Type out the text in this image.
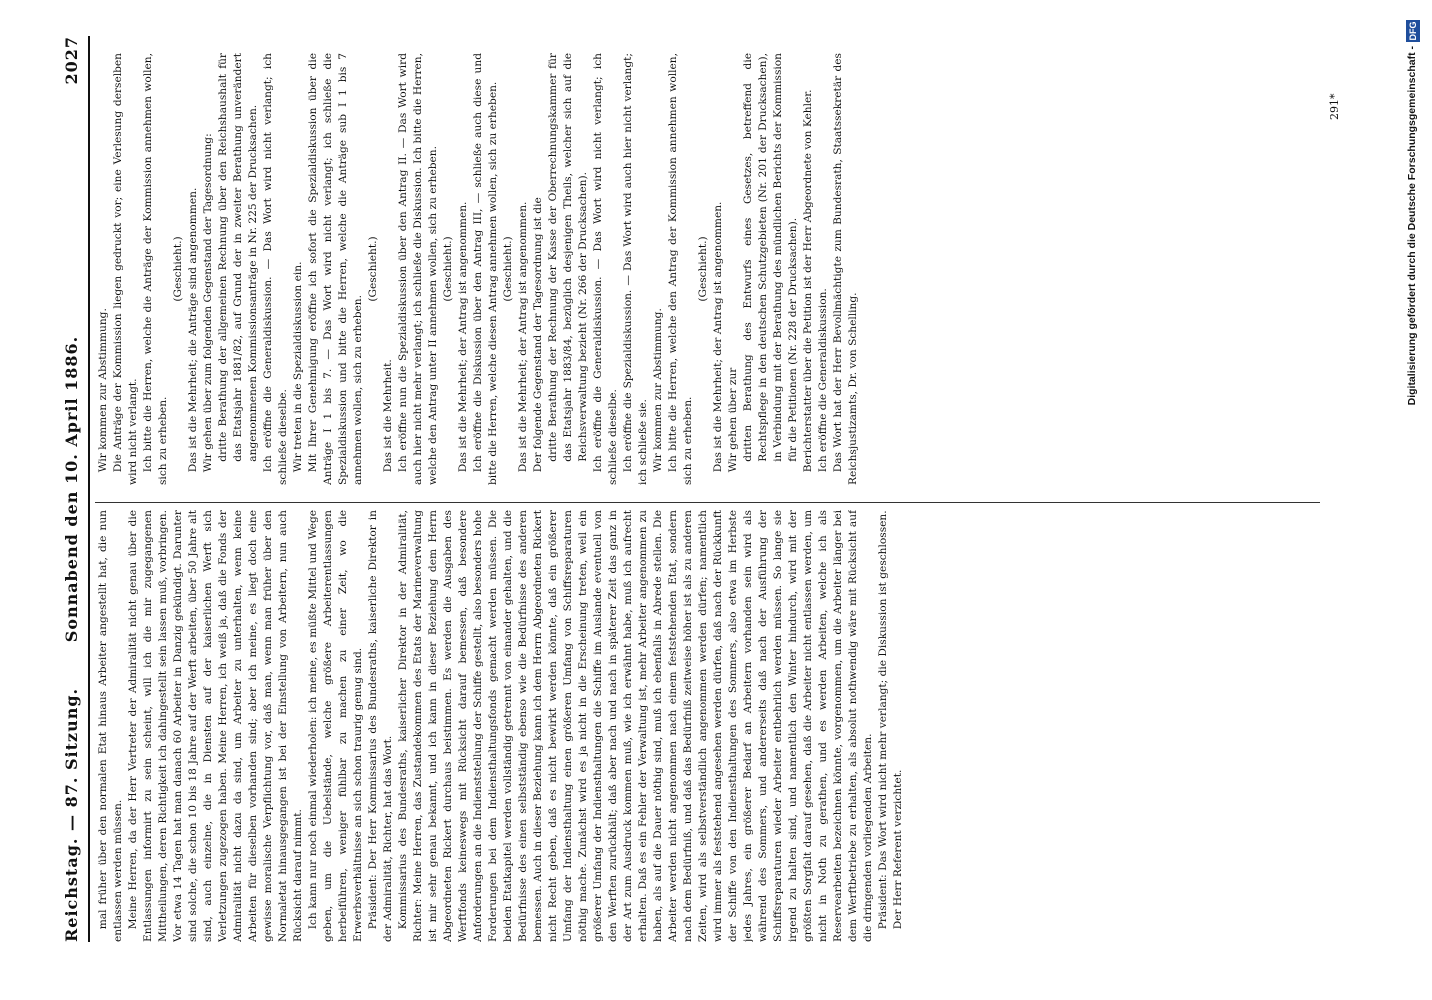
Reichstag. — 87. Sitzung.
Sonnabend den 10. April 1886.
2027

mal früher über den normalen Etat hinaus Arbeiter angestellt hat, die nun entlassen werden müssen. Meine Herren, da der Herr Vertreter der Admiralität nicht genau über die Entlassungen informirt zu sein scheint, will ich die mir zugegangenen Mittheilungen, deren Richtigkeit ich dahingestellt sein lassen muß, vorbringen. Vor etwa 14 Tagen hat man danach 60 Arbeiter in Danzig gekündigt. Darunter sind solche, die schon 10 bis 18 Jahre auf der Werft arbeiten, über 50 Jahre alt sind, auch einzelne, die in Diensten auf der kaiserlichen Werft sich Verletzungen zugezogen haben. Meine Herren, ich weiß ja, daß die Fonds der Admiralität nicht dazu da sind, um Arbeiter zu unterhalten, wenn keine Arbeiten für dieselben vorhanden sind; aber ich meine, es liegt doch eine gewisse moralische Verpflichtung vor, daß man, wenn man früher über den Normaletat hinausgegangen ist bei der Einstellung von Arbeitern, nun auch Rücksicht darauf nimmt. Ich kann nur noch einmal wiederholen: ich meine, es müßte Mittel und Wege geben, um die Uebelstände, welche größere Arbeiterentlassungen herbeiführen, weniger fühlbar zu machen zu einer Zeit, wo die Erwerbsverhältnisse an sich schon traurig genug sind. Präsident: Der Herr Kommissarius des Bundesraths, kaiserliche Direktor in der Admiralität, Richter, hat das Wort. Kommissarius des Bundesraths, kaiserlicher Direktor in der Admiralität, Richter: Meine Herren, das Zustandekommen des Etats der Marineverwaltung ist mir sehr genau bekannt, und ich kann in dieser Beziehung dem Herrn Abgeordneten Rickert durchaus beistimmen. Es werden die Ausgaben des Werftfonds keineswegs mit Rücksicht darauf bemessen, daß besondere Anforderungen an die Indienststellung der Schiffe gestellt, also besonders hohe Forderungen bei dem Indiensthaltungsfonds gemacht werden müssen. Die beiden Etatkapitel werden vollständig getrennt von einander gehalten, und die Bedürfnisse des einen selbstständig ebenso wie die Bedürfnisse des anderen bemessen. Auch in dieser Beziehung kann ich dem Herrn Abgeordneten Rickert nicht Recht geben, daß es nicht bewirkt werden könnte, daß ein größerer Umfang der Indiensthaltung einen größeren Umfang von Schiffsreparaturen nöthig mache. Zunächst wird es ja nicht in die Erscheinung treten, weil ein größerer Umfang der Indiensthaltungen die Schiffe im Auslande eventuell von den Werften zurückhält; daß aber nach und nach in späterer Zeit das ganz in der Art zum Ausdruck kommen muß, wie ich erwähnt habe, muß ich aufrecht erhalten. Daß es ein Fehler der Verwaltung ist, mehr Arbeiter angenommen zu haben, als auf die Dauer nöthig sind, muß ich ebenfalls in Abrede stellen. Die Arbeiter werden nicht angenommen nach einem feststehenden Etat, sondern nach dem Bedürfniß, und daß das Bedürfniß zeitweise höher ist als zu anderen Zeiten, wird als selbstverständlich angenommen werden dürfen; namentlich wird immer als feststehend angesehen werden dürfen, daß nach der Rückkunft der Schiffe von den Indiensthaltungen des Sommers, also etwa im Herbste jedes Jahres, ein größerer Bedarf an Arbeitern vorhanden sein wird als während des Sommers, und andererseits daß nach der Ausführung der Schiffsreparaturen wieder Arbeiter entbehrlich werden müssen. So lange sie irgend zu halten sind, und namentlich den Winter hindurch, wird mit der größten Sorgfalt darauf gesehen, daß die Arbeiter nicht entlassen werden, um nicht in Noth zu gerathen, und es werden Arbeiten, welche ich als Reservearbeiten bezeichnen könnte, vorgenommen, um die Arbeiter länger bei dem Werftbetriebe zu erhalten, als absolut nothwendig wäre mit Rücksicht auf die dringenden vorliegenden Arbeiten. Präsident: Das Wort wird nicht mehr verlangt; die Diskussion ist geschlossen. Der Herr Referent verzichtet.

Wir kommen zur Abstimmung. Die Anträge der Kommission liegen gedruckt vor; eine Verlesung derselben wird nicht verlangt. Ich bitte die Herren, welche die Anträge der Kommission annehmen wollen, sich zu erheben.

(Geschieht.) Das ist die Mehrheit; die Anträge sind angenommen. Wir gehen über zum folgenden Gegenstand der Tagesordnung: dritte Berathung der allgemeinen Rechnung über den Reichshaushalt für das Etatsjahr 1881/82, auf Grund der in zweiter Berathung unverändert angenommenen Kommissionsanträge in Nr. 225 der Drucksachen. Ich eröffne die Generaldiskussion. — Das Wort wird nicht verlangt; ich schließe dieselbe. Wir treten in die Spezialdiskussion ein. Mit Ihrer Genehmigung eröffne ich sofort die Spezialdiskussion über die Anträge I 1 bis 7. — Das Wort wird nicht verlangt; ich schließe die Spezialdiskussion und bitte die Herren, welche die Anträge sub I 1 bis 7 annehmen wollen, sich zu erheben.

(Geschieht.)

Das ist die Mehrheit. Ich eröffne nun die Spezialdiskussion über den Antrag II. — Das Wort wird auch hier nicht mehr verlangt; ich schließe die Diskussion. Ich bitte die Herren, welche den Antrag unter II annehmen wollen, sich zu erheben. (Geschieht.) Das ist die Mehrheit; der Antrag ist angenommen. Ich eröffne die Diskussion über den Antrag III, — schließe auch diese und bitte die Herren, welche diesen Antrag annehmen wollen, sich zu erheben. (Geschieht.) Das ist die Mehrheit; der Antrag ist angenommen. Der folgende Gegenstand der Tagesordnung ist die dritte Berathung der Rechnung der Kasse der Oberrechnungskammer für das Etatsjahr 1883/84, bezüglich desjenigen Theils, welcher sich auf die Reichsverwaltung bezieht (Nr. 266 der Drucksachen). Ich eröffne die Generaldiskussion. — Das Wort wird nicht verlangt; ich schließe dieselbe. Ich eröffne die Spezialdiskussion. — Das Wort wird auch hier nicht verlangt; ich schließe sie. Wir kommen zur Abstimmung. Ich bitte die Herren, welche den Antrag der Kommission annehmen wollen, sich zu erheben.

(Geschieht.) Das ist die Mehrheit; der Antrag ist angenommen. Wir gehen über zur dritten Berathung des Entwurfs eines Gesetzes, betreffend die Rechtspflege in den deutschen Schutzgebieten (Nr. 201 der Drucksachen), in Verbindung mit der Berathung des mündlichen Berichts der Kommission für die Petitionen (Nr. 228 der Drucksachen). Berichterstatter über die Petition ist der Herr Abgeordnete von Kehler. Ich eröffne die Generaldiskussion. Das Wort hat der Herr Bevollmächtigte zum Bundesrath, Staatssekretär des Reichsjustizamts, Dr. von Schelling.

291*	Digitalisierung gefördert durch die Deutsche Forschungsgemeinschaft -
DFG
